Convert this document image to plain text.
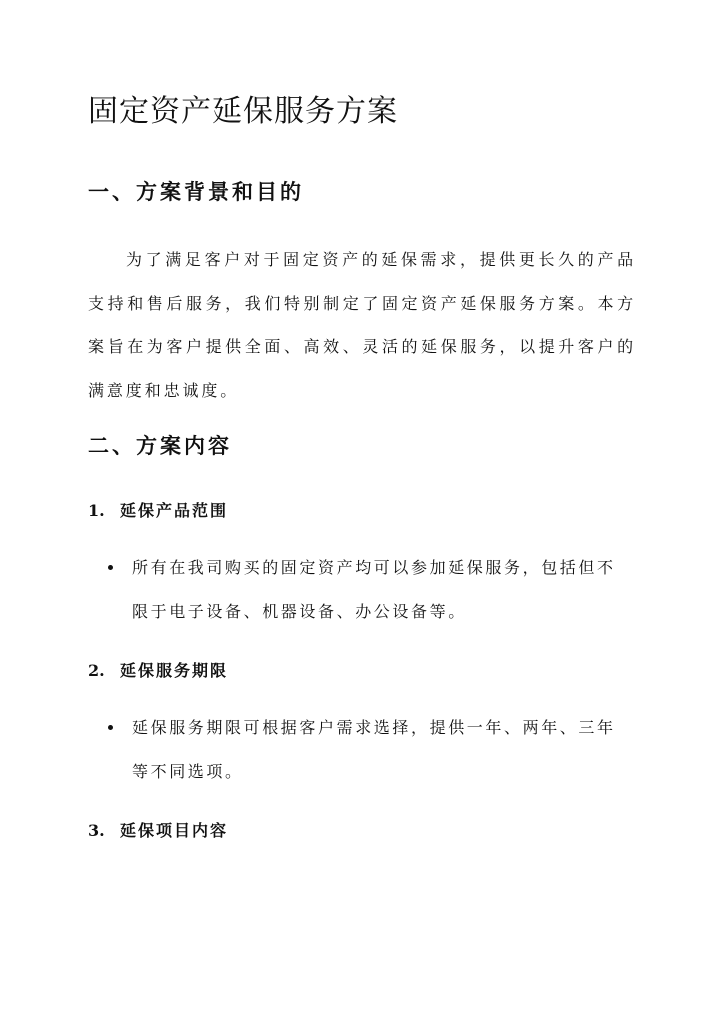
固定资产延保服务方案
一、方案背景和目的

为了满足客户对于固定资产的延保需求，提供更长久的产品支持和售后服务，我们特别制定了固定资产延保服务方案。本方案旨在为客户提供全面、高效、灵活的延保服务，以提升客户的满意度和忠诚度。

二、方案内容
1. 延保产品范围
所有在我司购买的固定资产均可以参加延保服务，包括但不限于电子设备、机器设备、办公设备等。
2. 延保服务期限
延保服务期限可根据客户需求选择，提供一年、两年、三年等不同选项。
3. 延保项目内容
